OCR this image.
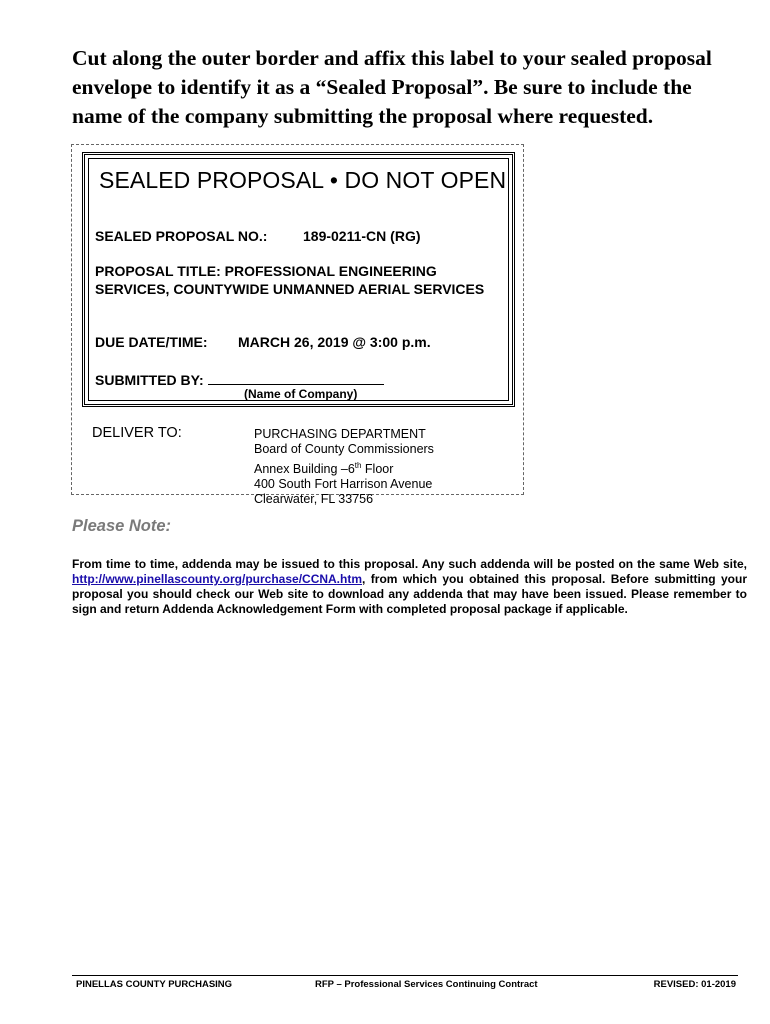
Cut along the outer border and affix this label to your sealed proposal envelope to identify it as a “Sealed Proposal”. Be sure to include the name of the company submitting the proposal where requested.

SEALED PROPOSAL • DO NOT OPEN
SEALED PROPOSAL NO.:	189-0211-CN (RG)
PROPOSAL TITLE: PROFESSIONAL ENGINEERING SERVICES, COUNTYWIDE UNMANNED AERIAL SERVICES
DUE DATE/TIME: MARCH 26, 2019 @ 3:00 p.m.
SUBMITTED BY:
(Name of Company)
DELIVER TO:	PURCHASING DEPARTMENT
Board of County Commissioners
Annex Building –6th Floor
400 South Fort Harrison Avenue
Clearwater, FL 33756
Please Note:

From time to time, addenda may be issued to this proposal. Any such addenda will be posted on the same Web site, http://www.pinellascounty.org/purchase/CCNA.htm, from which you obtained this proposal. Before submitting your proposal you should check our Web site to download any addenda that may have been issued. Please remember to sign and return Addenda Acknowledgement Form with completed proposal package if applicable.

PINELLAS COUNTY PURCHASING	RFP – Professional Services Continuing Contract	REVISED: 01-2019
